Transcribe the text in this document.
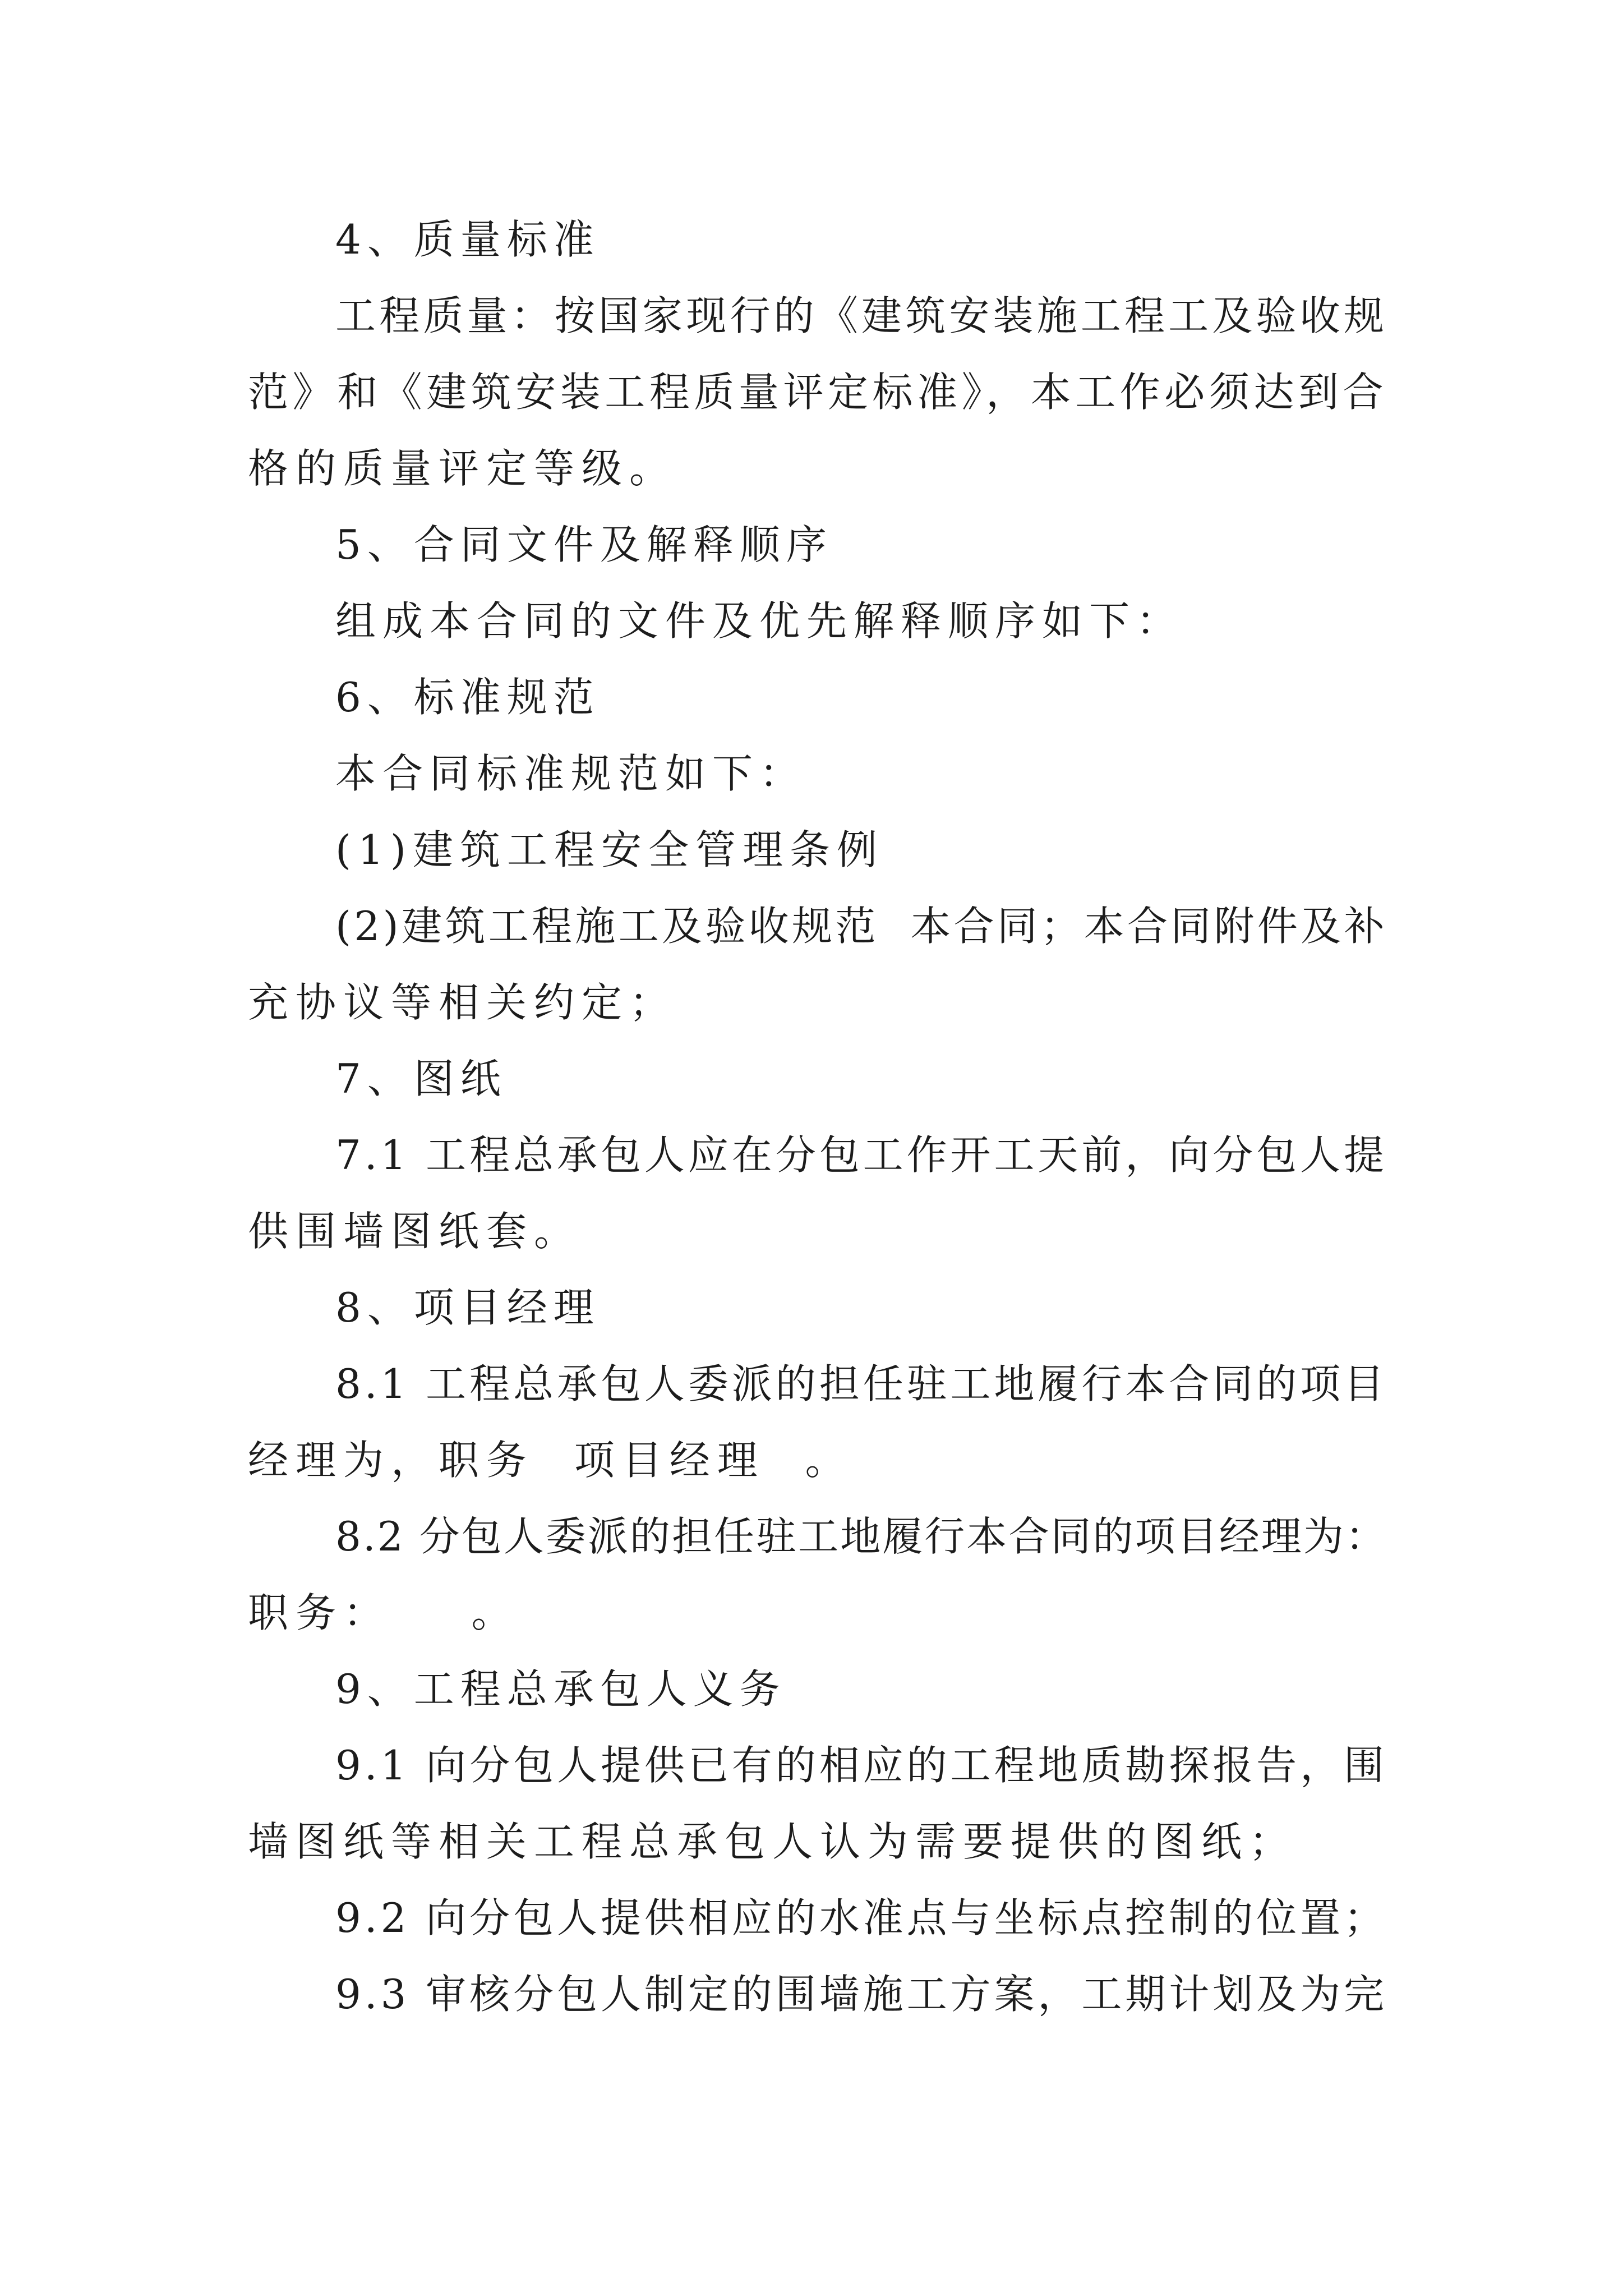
4、质量标准
工程质量：按国家现行的《建筑安装施工程工及验收规
范》和《建筑安装工程质量评定标准》，本工作必须达到合
格的质量评定等级。
5、合同文件及解释顺序
组成本合同的文件及优先解释顺序如下：
6、标准规范
本合同标准规范如下：
(1)建筑工程安全管理条例
(2)建筑工程施工及验收规范  本合同；本合同附件及补
充协议等相关约定；
7、图纸
7.1 工程总承包人应在分包工作开工天前，向分包人提
供围墙图纸套。
8、项目经理
8.1 工程总承包人委派的担任驻工地履行本合同的项目
经理为，职务  项目经理  。
8.2 分包人委派的担任驻工地履行本合同的项目经理为：
职务：    。
9、工程总承包人义务
9.1 向分包人提供已有的相应的工程地质勘探报告，围
墙图纸等相关工程总承包人认为需要提供的图纸；
9.2 向分包人提供相应的水准点与坐标点控制的位置；
9.3 审核分包人制定的围墙施工方案，工期计划及为完
